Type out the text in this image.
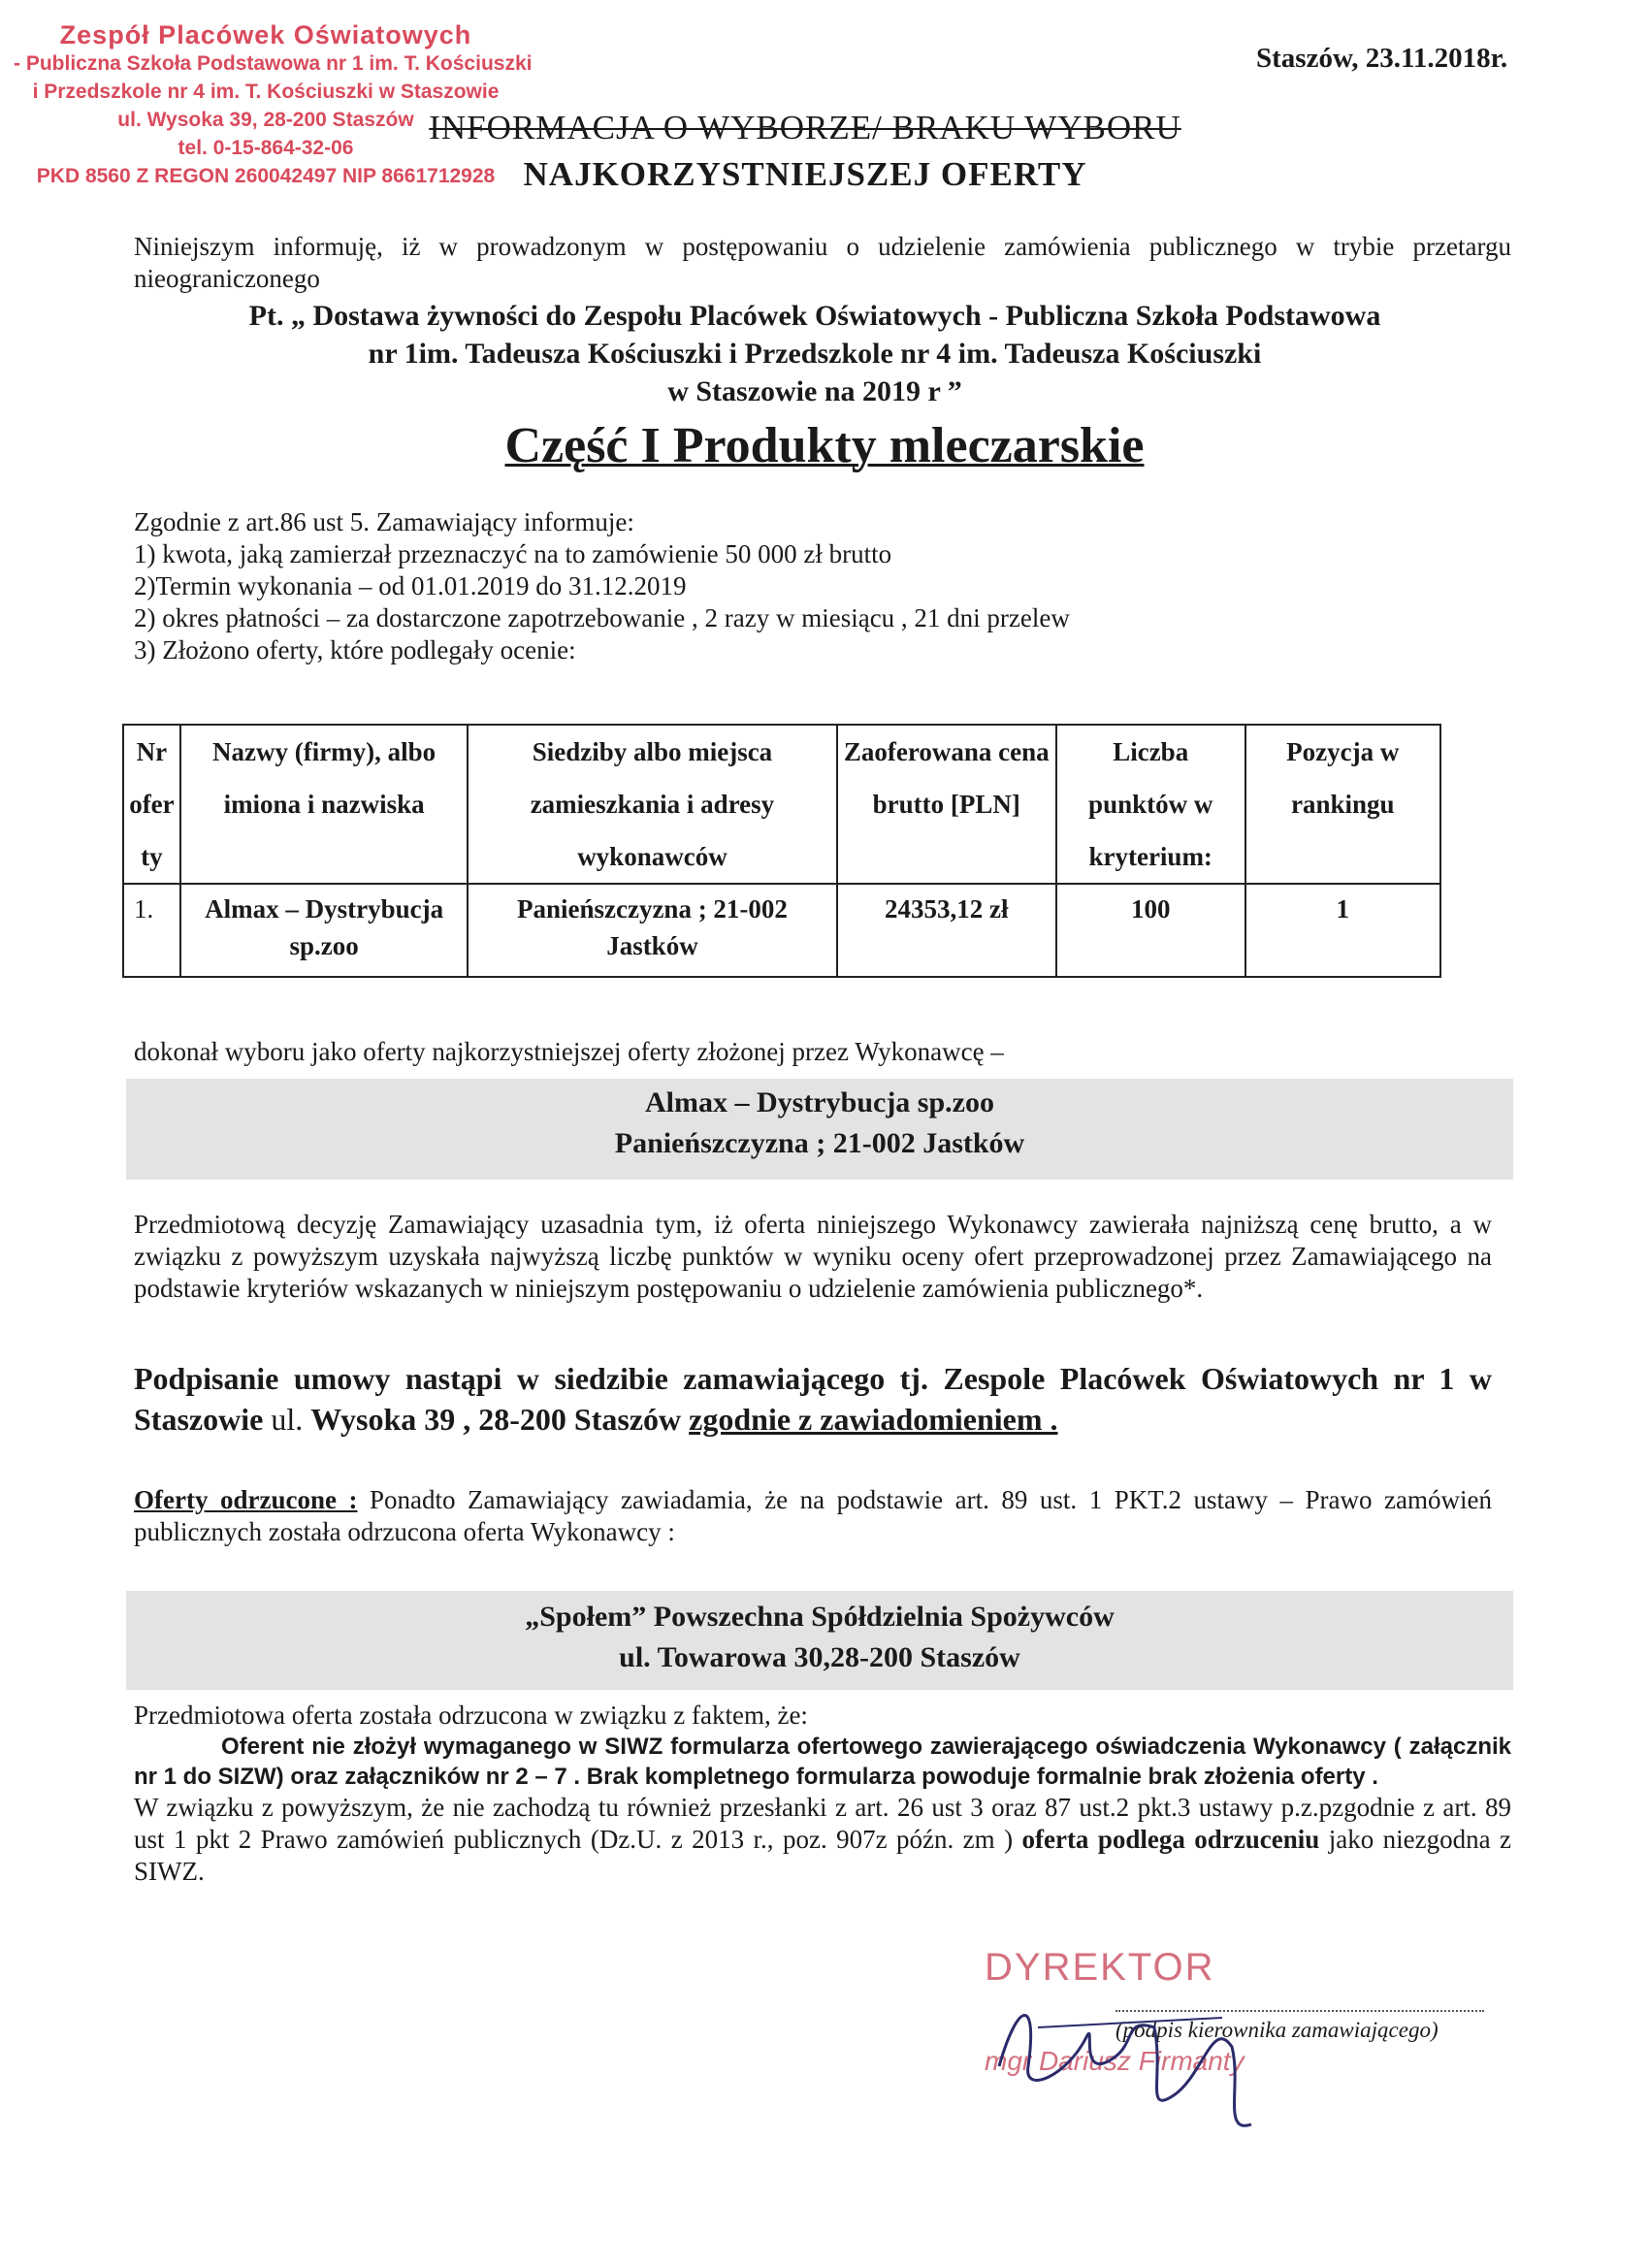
Zespół Placówek Oświatowych
- Publiczna Szkoła Podstawowa nr 1 im. T. Kościuszki
i Przedszkole nr 4 im. T. Kościuszki w Staszowie
ul. Wysoka 39, 28-200 Staszów
tel. 0-15-864-32-06
PKD 8560 Z REGON 260042497 NIP 8661712928
Staszów, 23.11.2018r.
INFORMACJA O WYBORZE/ BRAKU WYBORU
NAJKORZYSTNIEJSZEJ OFERTY
Niniejszym informuję, iż w prowadzonym w postępowaniu o udzielenie zamówienia publicznego w trybie przetargu nieograniczonego
Pt. „ Dostawa żywności do Zespołu Placówek Oświatowych - Publiczna Szkoła Podstawowa
nr 1im. Tadeusza Kościuszki i Przedszkole nr 4 im. Tadeusza Kościuszki
w Staszowie na 2019 r ”
Część I Produkty mleczarskie
Zgodnie z art.86 ust 5. Zamawiający informuje:
1) kwota, jaką zamierzał przeznaczyć na to zamówienie 50 000 zł brutto
2)Termin wykonania – od 01.01.2019 do 31.12.2019
2) okres płatności – za dostarczone zapotrzebowanie , 2 razy w miesiącu , 21 dni przelew
3) Złożono oferty, które podlegały ocenie:
Nr ofer ty	Nazwy (firmy), albo imiona i nazwiska	Siedziby albo miejsca zamieszkania i adresy wykonawców	Zaoferowana cena brutto [PLN]	Liczba punktów w kryterium:	Pozycja w rankingu
1.	Almax – Dystrybucja sp.zoo	Panieńszczyzna ; 21-002 Jastków	24353,12 zł	100	1
dokonał wyboru jako oferty najkorzystniejszej oferty złożonej przez Wykonawcę –
Almax – Dystrybucja sp.zoo
Panieńszczyzna ; 21-002 Jastków
Przedmiotową decyzję Zamawiający uzasadnia tym, iż oferta niniejszego Wykonawcy zawierała najniższą cenę brutto, a w związku z powyższym uzyskała najwyższą liczbę punktów w wyniku oceny ofert przeprowadzonej przez Zamawiającego na podstawie kryteriów wskazanych w niniejszym postępowaniu o udzielenie zamówienia publicznego*.
Podpisanie umowy nastąpi w siedzibie zamawiającego tj. Zespole Placówek Oświatowych nr 1 w Staszowie ul. Wysoka 39 , 28-200 Staszów zgodnie z zawiadomieniem .
Oferty odrzucone : Ponadto Zamawiający zawiadamia, że na podstawie art. 89 ust. 1 PKT.2 ustawy – Prawo zamówień publicznych została odrzucona oferta Wykonawcy :
„Społem” Powszechna Spółdzielnia Spożywców
ul. Towarowa 30,28-200 Staszów
Przedmiotowa oferta została odrzucona w związku z faktem, że:
Oferent nie złożył wymaganego w SIWZ formularza ofertowego zawierającego oświadczenia Wykonawcy ( załącznik nr 1 do SIZW) oraz załączników nr 2 – 7 . Brak kompletnego formularza powoduje formalnie brak złożenia oferty .
W związku z powyższym, że nie zachodzą tu również przesłanki z art. 26 ust 3 oraz 87 ust.2 pkt.3 ustawy p.z.pzgodnie z art. 89 ust 1 pkt 2 Prawo zamówień publicznych (Dz.U. z 2013 r., poz. 907z późn. zm ) oferta podlega odrzuceniu jako niezgodna z SIWZ.
DYREKTOR
mgr Dariusz Firmanty
(podpis kierownika zamawiającego)
